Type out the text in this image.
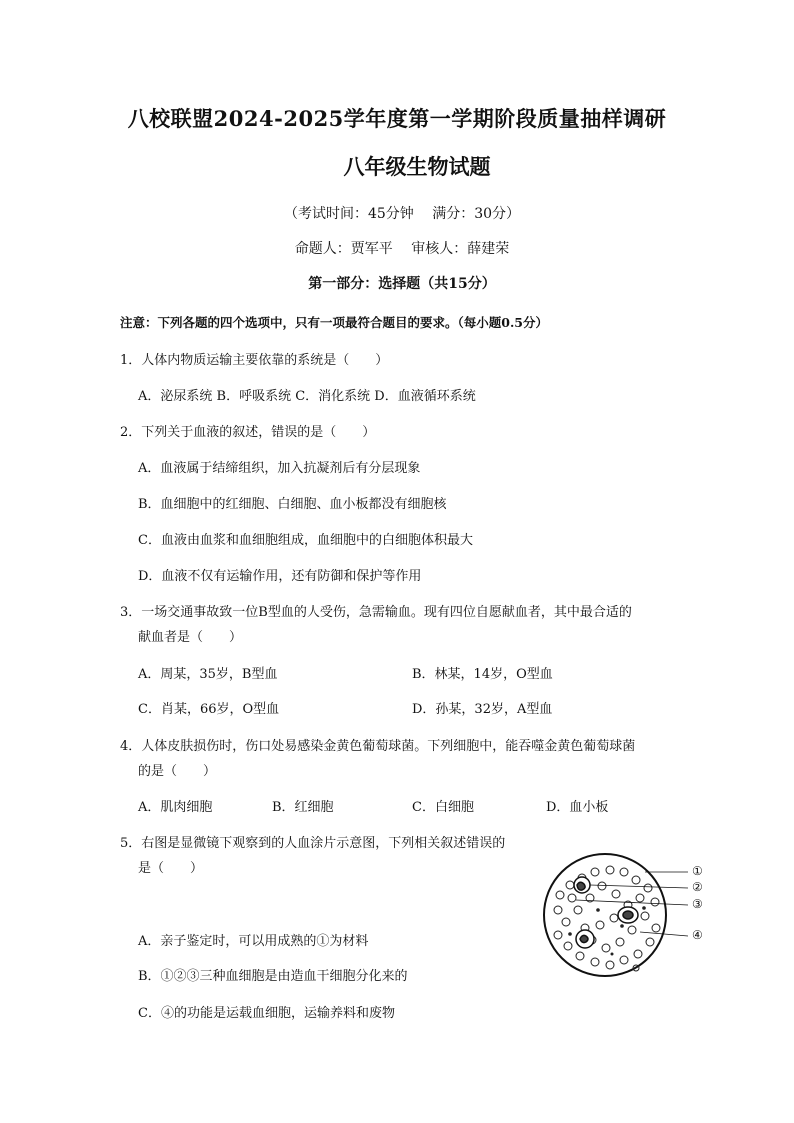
八校联盟2024-2025学年度第一学期阶段质量抽样调研
八年级生物试题
（考试时间：45分钟　 满分：30分）
命题人：贾军平　 审核人：薛建荣
第一部分：选择题（共15分）
注意：下列各题的四个选项中，只有一项最符合题目的要求。（每小题0.5分）
1．人体内物质运输主要依靠的系统是（　　）
A．泌尿系统 B．呼吸系统 C．消化系统 D．血液循环系统
2．下列关于血液的叙述，错误的是（　　）
A．血液属于结缔组织，加入抗凝剂后有分层现象
B．血细胞中的红细胞、白细胞、血小板都没有细胞核
C．血液由血浆和血细胞组成，血细胞中的白细胞体积最大
D．血液不仅有运输作用，还有防御和保护等作用
3．一场交通事故致一位B型血的人受伤，急需输血。现有四位自愿献血者，其中最合适的
献血者是（　　）
A．周某，35岁，B型血	B．林某，14岁，O型血
C．肖某，66岁，O型血	D．孙某，32岁，A型血
4．人体皮肤损伤时，伤口处易感染金黄色葡萄球菌。下列细胞中，能吞噬金黄色葡萄球菌
的是（　　）
A．肌肉细胞	B．红细胞	C．白细胞	D．血小板
5．右图是显微镜下观察到的人血涂片示意图，下列相关叙述错误的
是（　　）
A．亲子鉴定时，可以用成熟的①为材料
B．①②③三种血细胞是由造血干细胞分化来的
C．④的功能是运载血细胞，运输养料和废物
①
②
③
④
